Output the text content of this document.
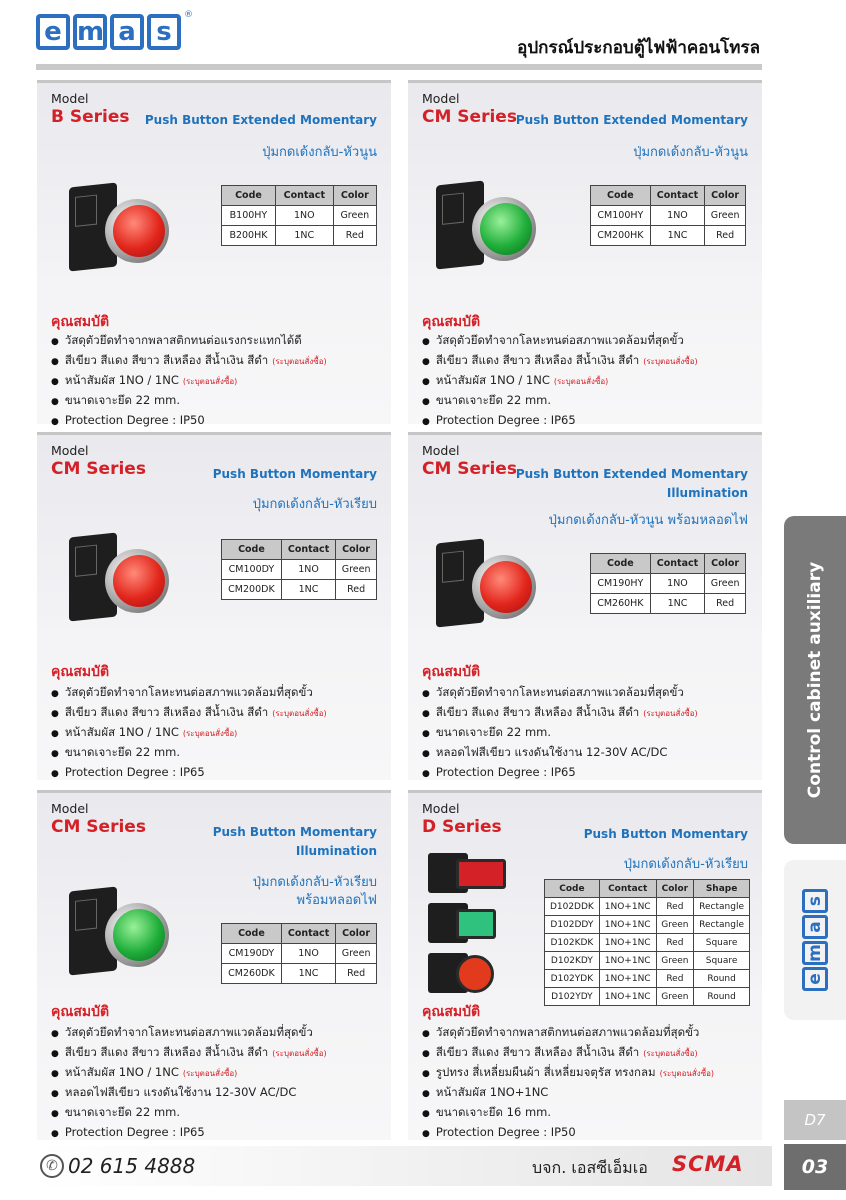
e m a s
®
อุปกรณ์ประกอบตู้ไฟฟ้าคอนโทรล
Model
B Series Push Button Extended Momentary
ปุ่มกดเด้งกลับ-หัวนูน
Code	Contact	Color
B100HY	1NO	Green
B200HK	1NC	Red
คุณสมบัติ
● วัสดุตัวยึดทำจากพลาสติกทนต่อแรงกระแทกได้ดี
● สีเขียว สีแดง สีขาว สีเหลือง สีน้ำเงิน สีดำ (ระบุตอนสั่งซื้อ)
● หน้าสัมผัส 1NO / 1NC (ระบุตอนสั่งซื้อ)
● ขนาดเจาะยึด 22 mm.
● Protection Degree : IP50
Model
CM Series
Push Button Extended Momentary
ปุ่มกดเด้งกลับ-หัวนูน
Code	Contact	Color
CM100HY	1NO	Green
CM200HK	1NC	Red
คุณสมบัติ
● วัสดุตัวยึดทำจากโลหะทนต่อสภาพแวดล้อมที่สุดขั้ว
● สีเขียว สีแดง สีขาว สีเหลือง สีน้ำเงิน สีดำ (ระบุตอนสั่งซื้อ)
● หน้าสัมผัส 1NO / 1NC (ระบุตอนสั่งซื้อ)
● ขนาดเจาะยึด 22 mm.
● Protection Degree : IP65
Model
CM Series	Push Button Momentary
ปุ่มกดเด้งกลับ-หัวเรียบ
Code	Contact	Color
CM100DY	1NO	Green
CM200DK	1NC	Red
คุณสมบัติ
● วัสดุตัวยึดทำจากโลหะทนต่อสภาพแวดล้อมที่สุดขั้ว
● สีเขียว สีแดง สีขาว สีเหลือง สีน้ำเงิน สีดำ (ระบุตอนสั่งซื้อ)
● หน้าสัมผัส 1NO / 1NC (ระบุตอนสั่งซื้อ)
● ขนาดเจาะยึด 22 mm.
● Protection Degree : IP65
Model
CM Series
Push Button Extended Momentary
Illumination
ปุ่มกดเด้งกลับ-หัวนูน พร้อมหลอดไฟ
Code	Contact	Color
CM190HY	1NO	Green
CM260HK	1NC	Red
คุณสมบัติ
● วัสดุตัวยึดทำจากโลหะทนต่อสภาพแวดล้อมที่สุดขั้ว
● สีเขียว สีแดง สีขาว สีเหลือง สีน้ำเงิน สีดำ (ระบุตอนสั่งซื้อ)
● ขนาดเจาะยึด 22 mm.
● หลอดไฟสีเขียว แรงดันใช้งาน 12-30V AC/DC
● Protection Degree : IP65
Model
CM Series	Push Button Momentary
Illumination
ปุ่มกดเด้งกลับ-หัวเรียบ
พร้อมหลอดไฟ
Code	Contact	Color
CM190DY	1NO	Green
CM260DK	1NC	Red
คุณสมบัติ
● วัสดุตัวยึดทำจากโลหะทนต่อสภาพแวดล้อมที่สุดขั้ว
● สีเขียว สีแดง สีขาว สีเหลือง สีน้ำเงิน สีดำ (ระบุตอนสั่งซื้อ)
● หน้าสัมผัส 1NO / 1NC (ระบุตอนสั่งซื้อ)
● หลอดไฟสีเขียว แรงดันใช้งาน 12-30V AC/DC
● ขนาดเจาะยึด 22 mm.
● Protection Degree : IP65
Model
D Series	Push Button Momentary
ปุ่มกดเด้งกลับ-หัวเรียบ
Code	Contact	Color	Shape
D102DDK	1NO+1NC	Red	Rectangle
D102DDY	1NO+1NC	Green	Rectangle
D102KDK	1NO+1NC	Red	Square
D102KDY	1NO+1NC	Green	Square
D102YDK	1NO+1NC	Red	Round
D102YDY	1NO+1NC	Green	Round
คุณสมบัติ
● วัสดุตัวยึดทำจากพลาสติกทนต่อสภาพแวดล้อมที่สุดขั้ว
● สีเขียว สีแดง สีขาว สีเหลือง สีน้ำเงิน สีดำ (ระบุตอนสั่งซื้อ)
● รูปทรง สี่เหลี่ยมผืนผ้า สี่เหลี่ยมจตุรัส ทรงกลม (ระบุตอนสั่งซื้อ)
● หน้าสัมผัส 1NO+1NC
● ขนาดเจาะยึด 16 mm.
● Protection Degree : IP50
Control cabinet auxiliary
e
m
a
s
D7
03
✆ 02 615 4888	บจก. เอสซีเอ็มเอ SCMA
